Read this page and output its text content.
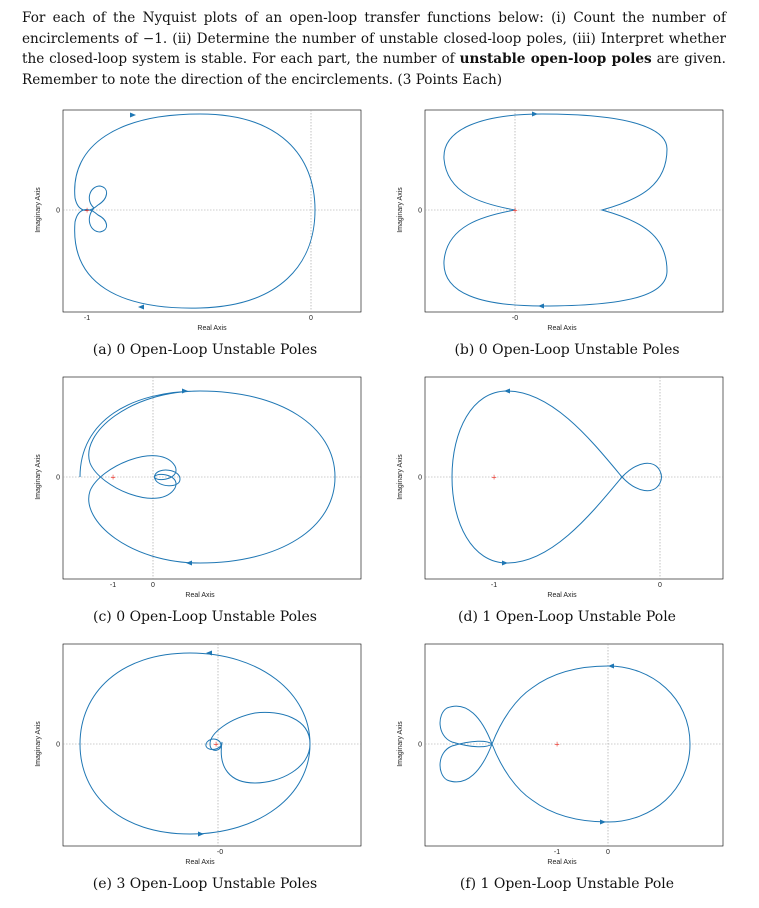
For each of the Nyquist plots of an open-loop transfer functions below: (i) Count the number of encirclements of −1. (ii) Determine the number of unstable closed-loop poles, (iii) Interpret whether the closed-loop system is stable. For each part, the number of unstable open-loop poles are given. Remember to note the direction of the encirclements. (3 Points Each)
+
-1	0
0
Real Axis
Imaginary Axis
(a) 0 Open-Loop Unstable Poles
+
-0
0
Real Axis
Imaginary Axis
(b) 0 Open-Loop Unstable Poles
+
-1	0
0
Real Axis
Imaginary Axis
(c) 0 Open-Loop Unstable Poles
+
-1	0
0
Real Axis
Imaginary Axis
(d) 1 Open-Loop Unstable Pole
+
-0
0
Real Axis
Imaginary Axis
(e) 3 Open-Loop Unstable Poles
+
-1	0
0
Real Axis
Imaginary Axis
(f) 1 Open-Loop Unstable Pole
